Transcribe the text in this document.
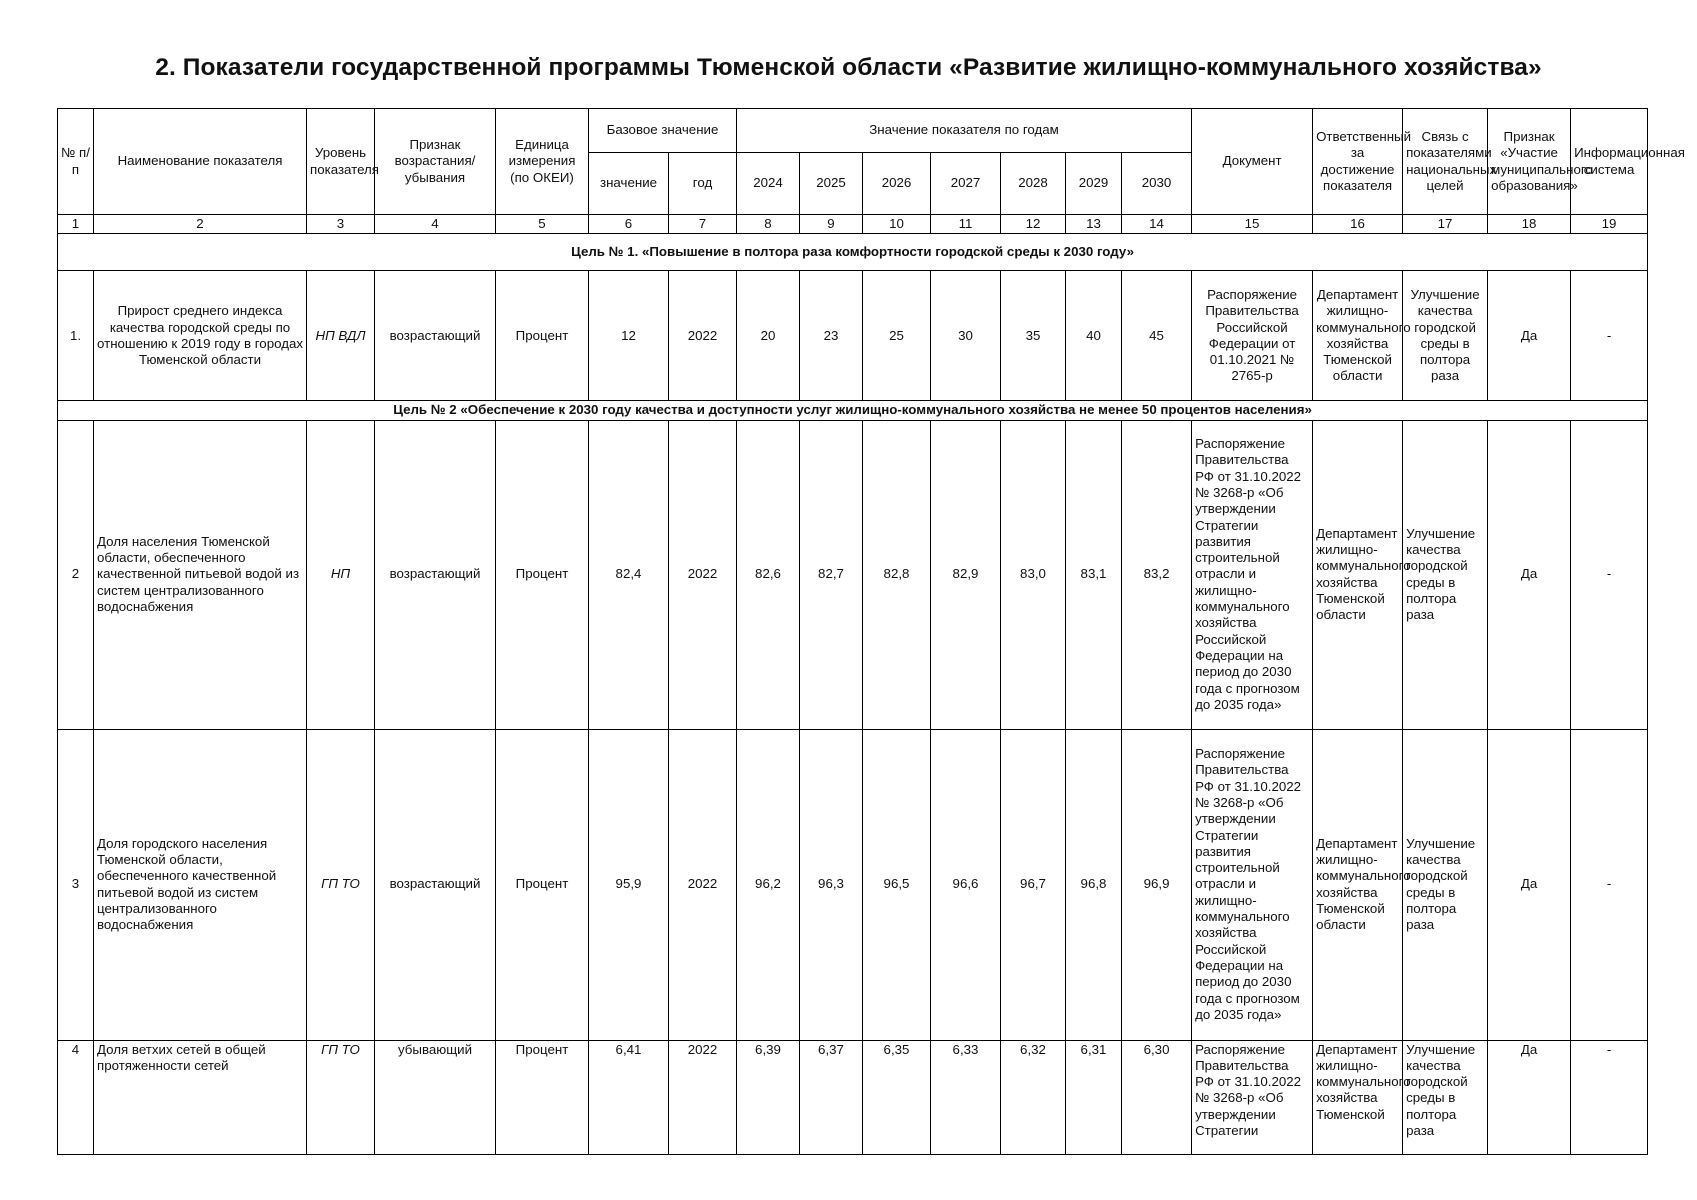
2. Показатели государственной программы Тюменской области «Развитие жилищно-коммунального хозяйства»
№ п/п	Наименование показателя	Уровень показателя	Признак возрастания/ убывания	Единица измерения (по ОКЕИ)	Базовое значение		Значение показателя по годам							Документ	Ответственный за достижение показателя	Связь с показателями национальных целей	Признак «Участие муниципального образования»	Информационная система
					значение	год	2024	2025	2026	2027	2028	2029	2030					
1	2	3	4	5	6	7	8	9	10	11	12	13	14	15	16	17	18	19
Цель № 1. «Повышение в полтора раза комфортности городской среды к 2030 году»																		
1.	Прирост среднего индекса качества городской среды по отношению к 2019 году в городах Тюменской области	НП ВДЛ	возрастающий	Процент	12	2022	20	23	25	30	35	40	45	Распоряжение Правительства Российской Федерации от 01.10.2021 № 2765-р	Департамент жилищно-коммунального хозяйства Тюменской области	Улучшение качества городской среды в полтора раза	Да	-
Цель № 2 «Обеспечение к 2030 году качества и доступности услуг жилищно-коммунального хозяйства не менее 50 процентов населения»																		
2	Доля населения Тюменской области, обеспеченного качественной питьевой водой из систем централизованного водоснабжения	НП	возрастающий	Процент	82,4	2022	82,6	82,7	82,8	82,9	83,0	83,1	83,2	Распоряжение Правительства РФ от 31.10.2022 № 3268-р «Об утверждении Стратегии развития строительной отрасли и жилищно-коммунального хозяйства Российской Федерации на период до 2030 года с прогнозом до 2035 года»	Департамент жилищно-коммунального хозяйства Тюменской области	Улучшение качества городской среды в полтора раза	Да	-
3	Доля городского населения Тюменской области, обеспеченного качественной питьевой водой из систем централизованного водоснабжения	ГП ТО	возрастающий	Процент	95,9	2022	96,2	96,3	96,5	96,6	96,7	96,8	96,9	Распоряжение Правительства РФ от 31.10.2022 № 3268-р «Об утверждении Стратегии развития строительной отрасли и жилищно-коммунального хозяйства Российской Федерации на период до 2030 года с прогнозом до 2035 года»	Департамент жилищно-коммунального хозяйства Тюменской области	Улучшение качества городской среды в полтора раза	Да	-
4	Доля ветхих сетей в общей протяженности сетей	ГП ТО	убывающий	Процент	6,41	2022	6,39	6,37	6,35	6,33	6,32	6,31	6,30	Распоряжение Правительства РФ от 31.10.2022 № 3268-р «Об утверждении Стратегии	Департамент жилищно-коммунального хозяйства Тюменской	Улучшение качества городской среды в полтора раза	Да	-
